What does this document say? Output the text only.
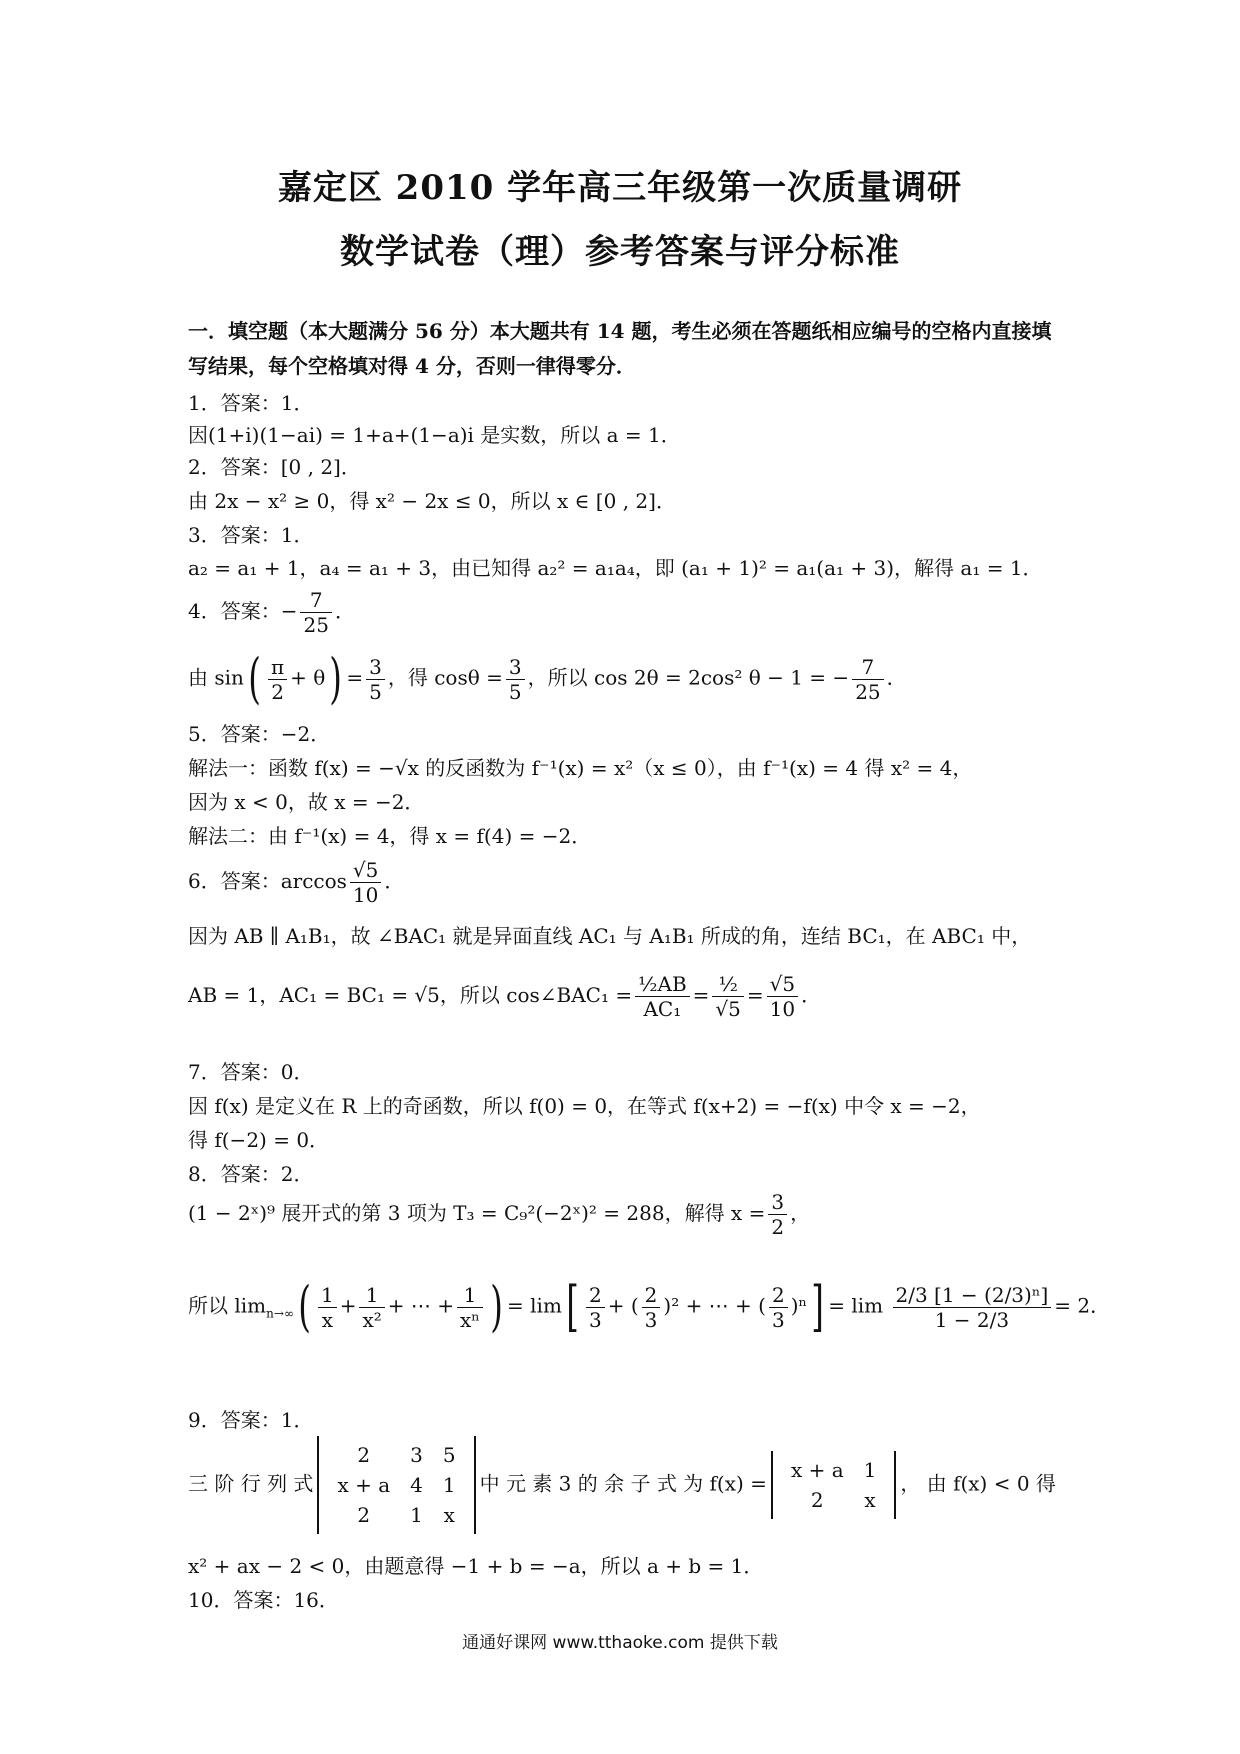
嘉定区 2010 学年高三年级第一次质量调研
数学试卷（理）参考答案与评分标准
一．填空题（本大题满分 56 分）本大题共有 14 题，考生必须在答题纸相应编号的空格内直接填写结果，每个空格填对得 4 分，否则一律得零分．
1．答案：1．
因(1+i)(1−ai) = 1+a+(1−a)i 是实数，所以 a = 1．
2．答案：[0 , 2]．
由 2x − x² ≥ 0，得 x² − 2x ≤ 0，所以 x ∈ [0 , 2]．
3．答案：1．
a₂ = a₁ + 1，a₄ = a₁ + 3，由已知得 a₂² = a₁a₄，即 (a₁ + 1)² = a₁(a₁ + 3)，解得 a₁ = 1．
4．答案：− $\frac{7}{25}$ ．
由 $\sin( \frac{\pi}{2} + \theta) = \frac{3}{5}$ ，得 $\cos\theta = \frac{3}{5}$ ，所以 cos 2θ = 2cos² θ − 1 = − $\frac{7}{25}$ ．
5．答案：−2．
解法一：函数 f(x) = −√x 的反函数为 f⁻¹(x) = x²（x ≤ 0），由 f⁻¹(x) = 4 得 x² = 4，
因为 x < 0，故 x = −2．
解法二：由 f⁻¹(x) = 4，得 x = f(4) = −2．
6．答案：$\arccos \frac{√5}{10}$ ．
因为 AB ∥ A₁B₁，故 ∠BAC₁ 就是异面直线 AC₁ 与 A₁B₁ 所成的角，连结 BC₁，在 ABC₁ 中，
AB = 1，AC₁ = BC₁ = √5，所以 cos∠BAC₁ = $\frac{\text{½AB}}{\text{AC₁}} = \frac{\text{½}}{√5} = \frac{√5}{10}$ ．
7．答案：0．
因 f(x) 是定义在 R 上的奇函数，所以 f(0) = 0，在等式 f(x+2) = −f(x) 中令 x = −2，
得 f(−2) = 0．
8．答案：2．
(1 − 2ˣ)⁹ 展开式的第 3 项为 T₃ = C₉²(−2ˣ)² = 288，解得 $x = \frac{3}{2}$ ，
所以 $\lim_{n\to\infty}( \frac{1}{x} + \frac{1}{\text{x²}}$ + ⋯ + $\frac{1}{\text{xⁿ}}$ ) = $\lim[ \frac{2}{3}$ + ( $\frac{2}{3} )^2$ + ⋯ + ( $\frac{2}{3} )^n] = \lim \frac{\text{2/3 [1 − (2/3)ⁿ]}}{1 - 2/3} = 2$．
9．答案：1．
三 阶 行 列 式
2	3	5
x + a	4	1
2	1	x
中 元 素 3 的 余 子 式 为 f(x) =
x + a	1
2	x
， 由 f(x) < 0 得
x² + ax − 2 < 0，由题意得 −1 + b = −a，所以 a + b = 1．
10．答案：16．
通通好课网 www.tthaoke.com 提供下载
